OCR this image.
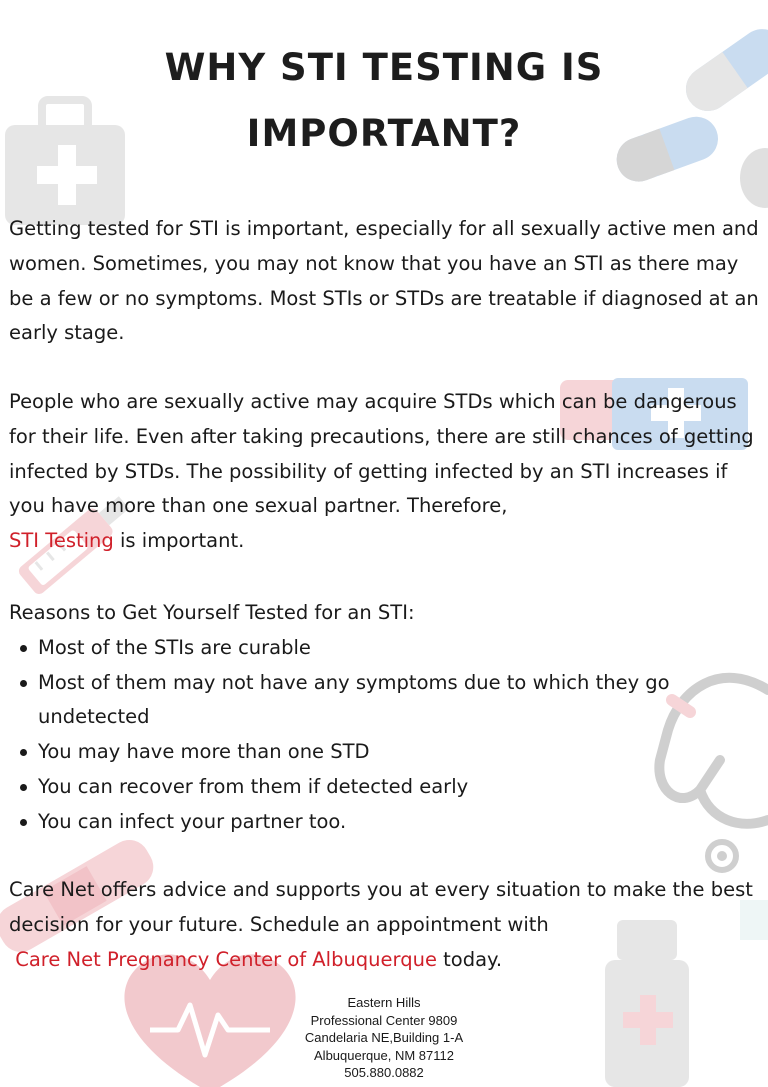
WHY STI TESTING IS
IMPORTANT?

Getting tested for STI is important, especially for all sexually active men and women. Sometimes, you may not know that you have an STI as there may be a few or no symptoms. Most STIs or STDs are treatable if diagnosed at an early stage.

People who are sexually active may acquire STDs which can be dangerous for their life. Even after taking precautions, there are still chances of getting infected by STDs. The possibility of getting infected by an STI increases if you have more than one sexual partner. Therefore,
STI Testing is important.

Reasons to Get Yourself Tested for an STI:
Most of the STIs are curable
Most of them may not have any symptoms due to which they go undetected
You may have more than one STD
You can recover from them if detected early
You can infect your partner too.

Care Net offers advice and supports you at every situation to make the best decision for your future. Schedule an appointment with
Care Net Pregnancy Center of Albuquerque today.

Eastern Hills
Professional Center 9809
Candelaria NE,Building 1-A
Albuquerque, NM 87112
505.880.0882
